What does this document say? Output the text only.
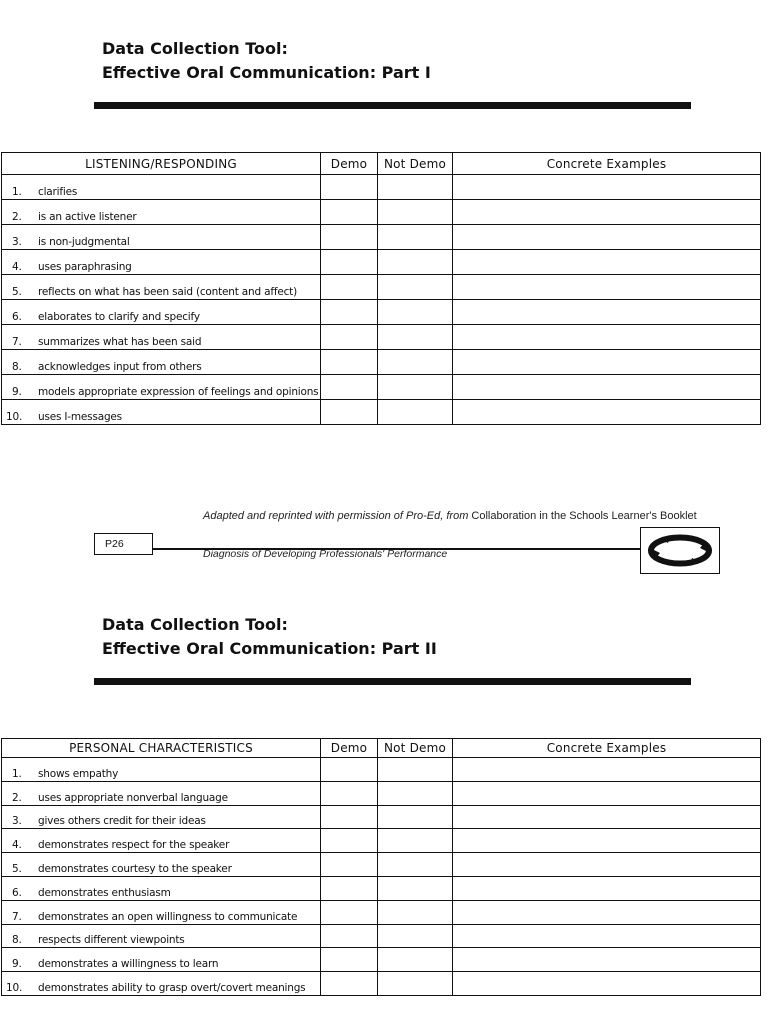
Data Collection Tool:
Effective Oral Communication: Part I
LISTENING/RESPONDING	Demo	Not Demo	Concrete Examples
1. clarifies			
2. is an active listener			
3. is non-judgmental			
4. uses paraphrasing			
5. reflects on what has been said (content and affect)			
6. elaborates to clarify and specify			
7. summarizes what has been said			
8. acknowledges input from others			
9. models appropriate expression of feelings and opinions			
10. uses I-messages			
Adapted and reprinted with permission of Pro-Ed, from Collaboration in the Schools Learner's Booklet
P26
Diagnosis of Developing Professionals' Performance
Data Collection Tool:
Effective Oral Communication: Part II
PERSONAL CHARACTERISTICS	Demo	Not Demo	Concrete Examples
1. shows empathy			
2. uses appropriate nonverbal language			
3. gives others credit for their ideas			
4. demonstrates respect for the speaker			
5. demonstrates courtesy to the speaker			
6. demonstrates enthusiasm			
7. demonstrates an open willingness to communicate			
8. respects different viewpoints			
9. demonstrates a willingness to learn			
10. demonstrates ability to grasp overt/covert meanings			
